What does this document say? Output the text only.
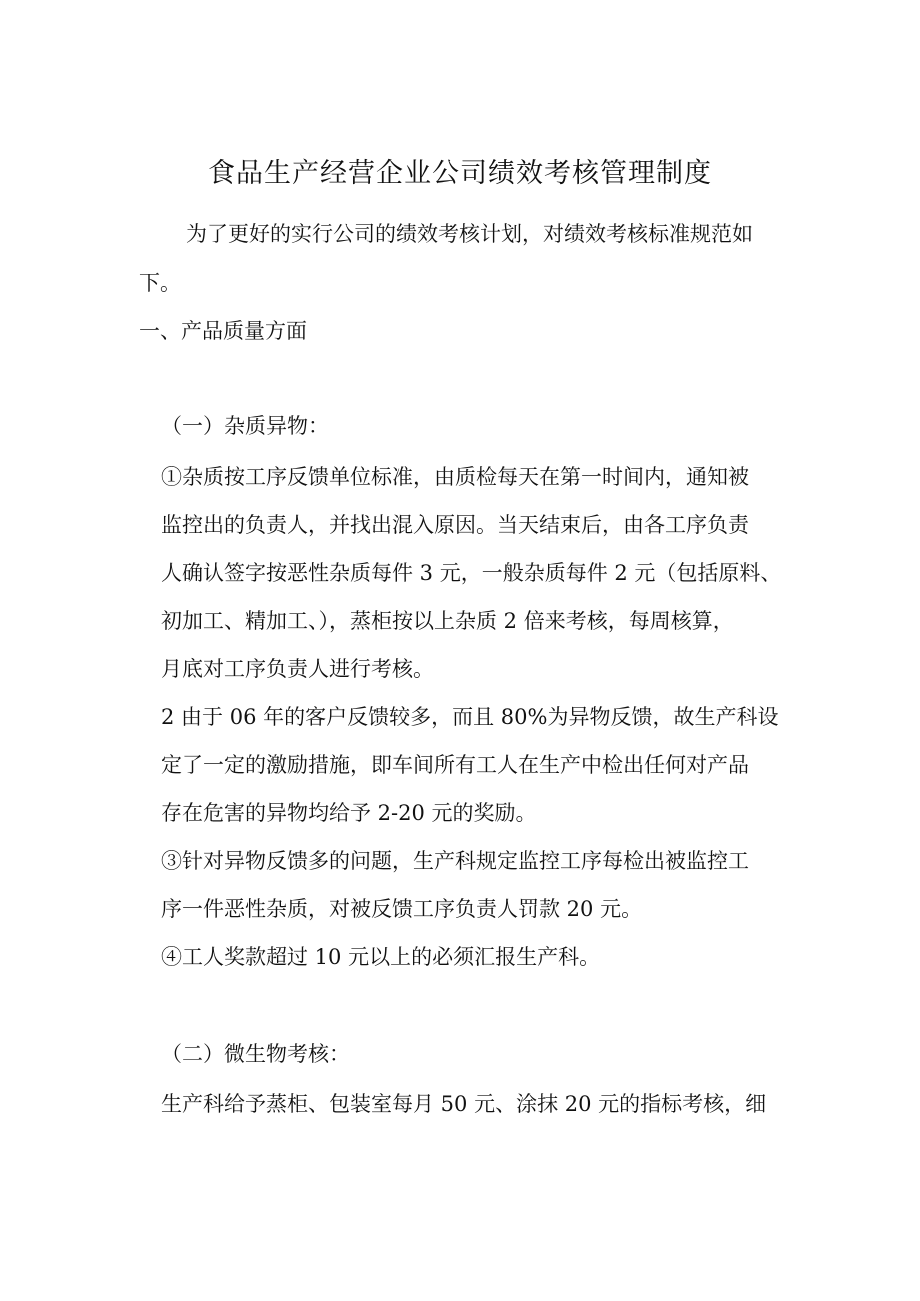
食品生产经营企业公司绩效考核管理制度
为了更好的实行公司的绩效考核计划，对绩效考核标准规范如
下。
一、产品质量方面
（一）杂质异物：
①杂质按工序反馈单位标准，由质检每天在第一时间内，通知被
监控出的负责人，并找出混入原因。当天结束后，由各工序负责
人确认签字按恶性杂质每件 3 元，一般杂质每件 2 元（包括原料、
初加工、精加工、），蒸柜按以上杂质 2 倍来考核，每周核算，
月底对工序负责人进行考核。
2 由于 06 年的客户反馈较多，而且 80%为异物反馈，故生产科设
定了一定的激励措施，即车间所有工人在生产中检出任何对产品
存在危害的异物均给予 2-20 元的奖励。
③针对异物反馈多的问题，生产科规定监控工序每检出被监控工
序一件恶性杂质，对被反馈工序负责人罚款 20 元。
④工人奖款超过 10 元以上的必须汇报生产科。
（二）微生物考核：
生产科给予蒸柜、包装室每月 50 元、涂抹 20 元的指标考核，细
